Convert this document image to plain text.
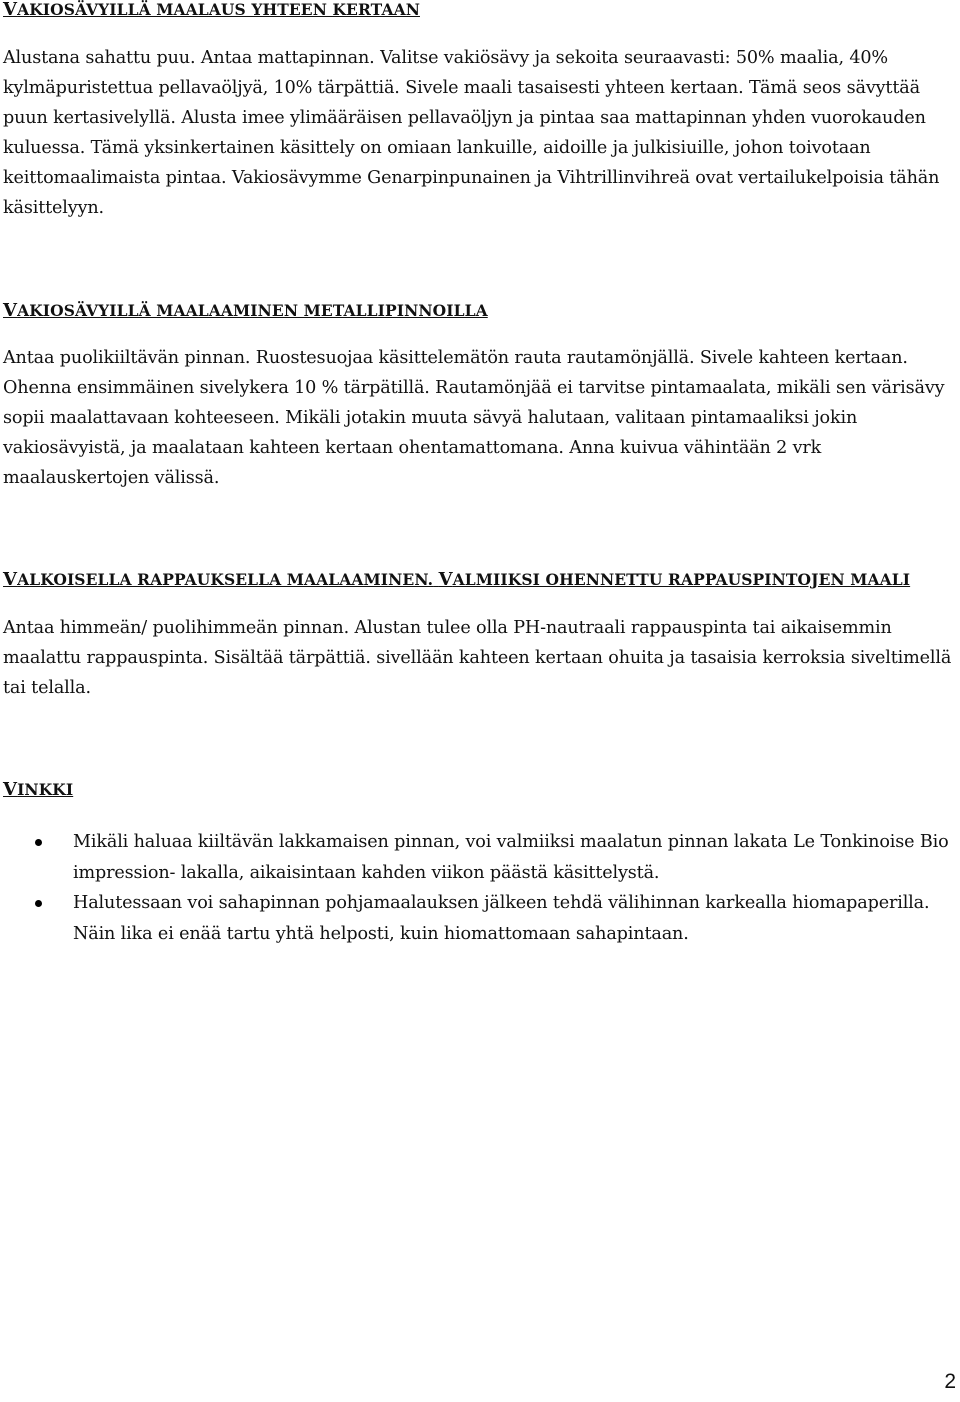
VAKIOSÄVYILLÄ MAALAUS YHTEEN KERTAAN

Alustana sahattu puu. Antaa mattapinnan. Valitse vakiösävy ja sekoita seuraavasti: 50% maalia, 40% kylmäpuristettua pellavaöljyä, 10% tärpättiä. Sivele maali tasaisesti yhteen kertaan. Tämä seos sävyttää puun kertasivelyllä. Alusta imee ylimääräisen pellavaöljyn ja pintaa saa mattapinnan yhden vuorokauden kuluessa. Tämä yksinkertainen käsittely on omiaan lankuille, aidoille ja julkisiuille, johon toivotaan keittomaalimaista pintaa. Vakiosävymme Genarpinpunainen ja Vihtrillinvihreä ovat vertailukelpoisia tähän käsittelyyn.

VAKIOSÄVYILLÄ MAALAAMINEN METALLIPINNOILLA

Antaa puolikiiltävän pinnan. Ruostesuojaa käsittelemätön rauta rautamönjällä. Sivele kahteen kertaan. Ohenna ensimmäinen sivelykera 10 % tärpätillä. Rautamönjää ei tarvitse pintamaalata, mikäli sen värisävy sopii maalattavaan kohteeseen. Mikäli jotakin muuta sävyä halutaan, valitaan pintamaaliksi jokin vakiosävyistä, ja maalataan kahteen kertaan ohentamattomana. Anna kuivua vähintään 2 vrk maalauskertojen välissä.

VALKOISELLA RAPPAUKSELLA MAALAAMINEN. VALMIIKSI OHENNETTU RAPPAUSPINTOJEN MAALI

Antaa himmeän/ puolihimmeän pinnan. Alustan tulee olla PH-nautraali rappauspinta tai aikaisemmin maalattu rappauspinta. Sisältää tärpättiä. sivellään kahteen kertaan ohuita ja tasaisia kerroksia siveltimellä tai telalla.

VINKKI

Mikäli haluaa kiiltävän lakkamaisen pinnan, voi valmiiksi maalatun pinnan lakata Le Tonkinoise Bio impression- lakalla, aikaisintaan kahden viikon päästä käsittelystä.
Halutessaan voi sahapinnan pohjamaalauksen jälkeen tehdä välihinnan karkealla hiomapaperilla. Näin lika ei enää tartu yhtä helposti, kuin hiomattomaan sahapintaan.
2
